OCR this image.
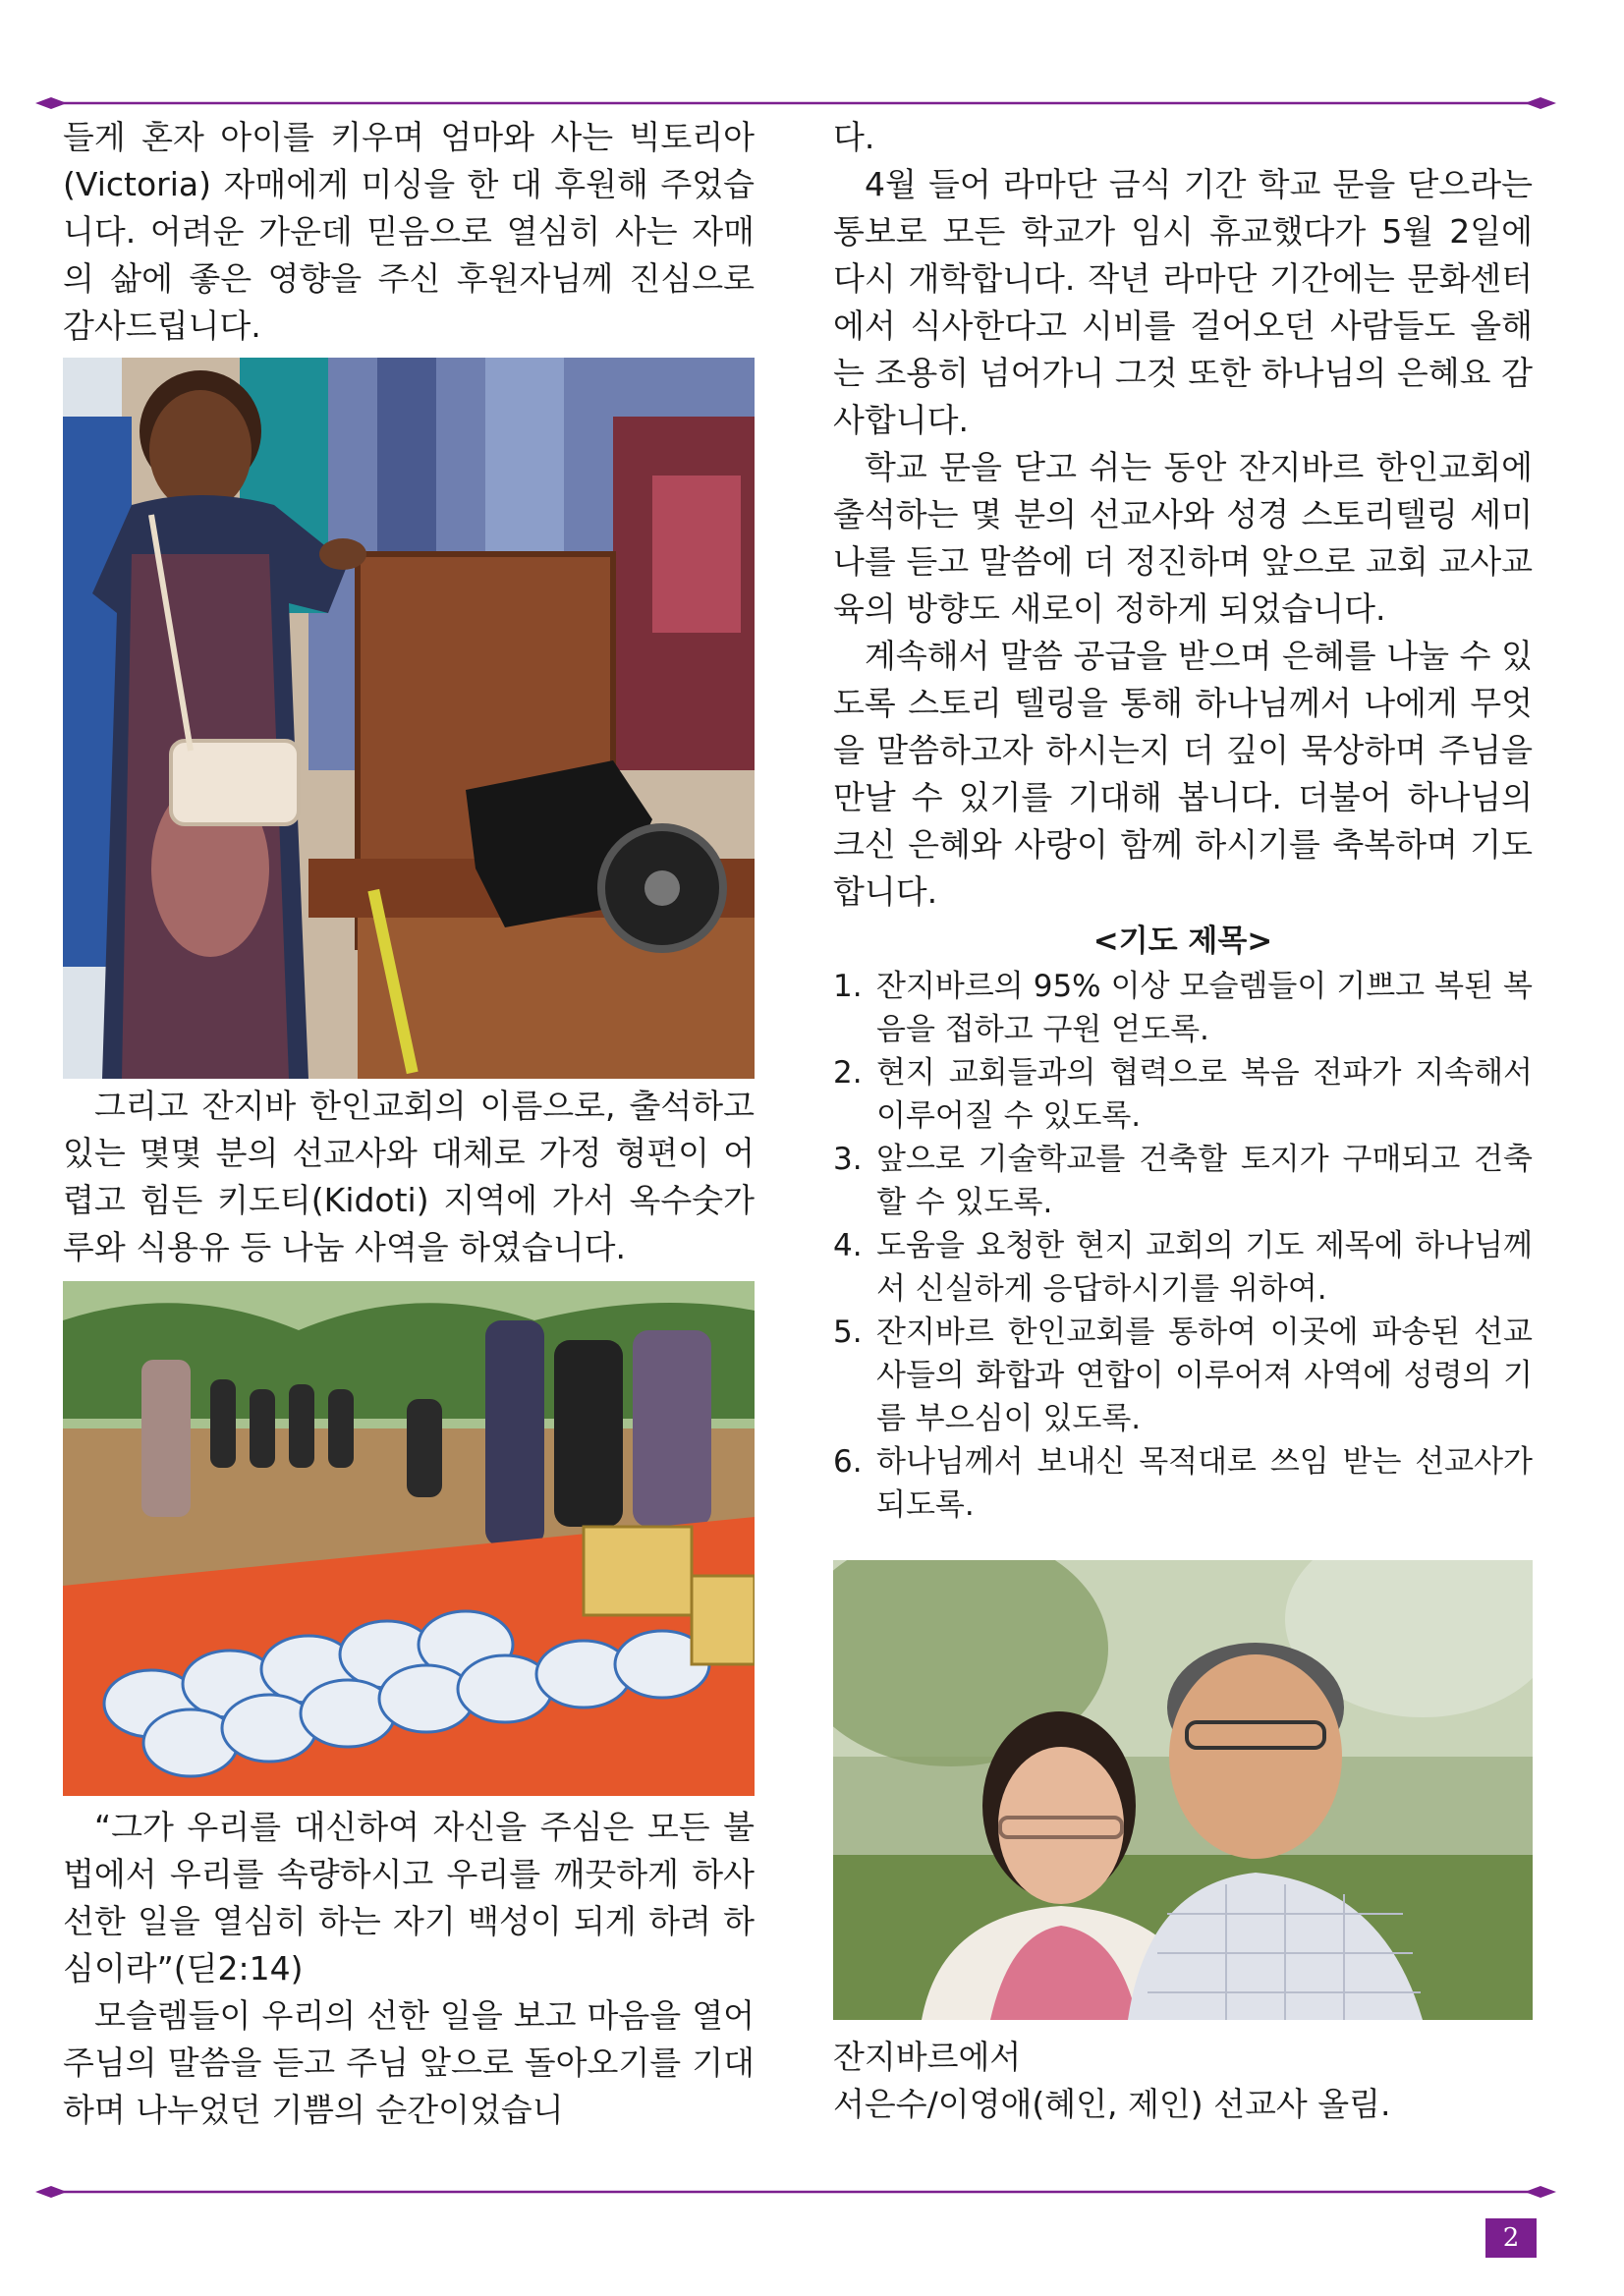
들게 혼자 아이를 키우며 엄마와 사는 빅토리아(Victoria) 자매에게 미싱을 한 대 후원해 주었습니다. 어려운 가운데 믿음으로 열심히 사는 자매의 삶에 좋은 영향을 주신 후원자님께 진심으로 감사드립니다.

그리고 잔지바 한인교회의 이름으로, 출석하고 있는 몇몇 분의 선교사와 대체로 가정 형편이 어렵고 힘든 키도티(Kidoti) 지역에 가서 옥수숫가루와 식용유 등 나눔 사역을 하였습니다.

“그가 우리를 대신하여 자신을 주심은 모든 불법에서 우리를 속량하시고 우리를 깨끗하게 하사 선한 일을 열심히 하는 자기 백성이 되게 하려 하심이라”(딛2:14)

모슬렘들이 우리의 선한 일을 보고 마음을 열어 주님의 말씀을 듣고 주님 앞으로 돌아오기를 기대하며 나누었던 기쁨의 순간이었습니

다.

4월 들어 라마단 금식 기간 학교 문을 닫으라는 통보로 모든 학교가 임시 휴교했다가 5월 2일에 다시 개학합니다. 작년 라마단 기간에는 문화센터에서 식사한다고 시비를 걸어오던 사람들도 올해는 조용히 넘어가니 그것 또한 하나님의 은혜요 감사합니다.

학교 문을 닫고 쉬는 동안 잔지바르 한인교회에 출석하는 몇 분의 선교사와 성경 스토리텔링 세미나를 듣고 말씀에 더 정진하며 앞으로 교회 교사교육의 방향도 새로이 정하게 되었습니다.

계속해서 말씀 공급을 받으며 은혜를 나눌 수 있도록 스토리 텔링을 통해 하나님께서 나에게 무엇을 말씀하고자 하시는지 더 깊이 묵상하며 주님을 만날 수 있기를 기대해 봅니다. 더불어 하나님의 크신 은혜와 사랑이 함께 하시기를 축복하며 기도합니다.

<기도 제목>
1. 잔지바르의 95% 이상 모슬렘들이 기쁘고 복된 복음을 접하고 구원 얻도록.
2. 현지 교회들과의 협력으로 복음 전파가 지속해서 이루어질 수 있도록.
3. 앞으로 기술학교를 건축할 토지가 구매되고 건축할 수 있도록.
4. 도움을 요청한 현지 교회의 기도 제목에 하나님께서 신실하게 응답하시기를 위하여.
5. 잔지바르 한인교회를 통하여 이곳에 파송된 선교사들의 화합과 연합이 이루어져 사역에 성령의 기름 부으심이 있도록.
6. 하나님께서 보내신 목적대로 쓰임 받는 선교사가 되도록.
잔지바르에서
서은수/이영애(혜인, 제인) 선교사 올림.
2
